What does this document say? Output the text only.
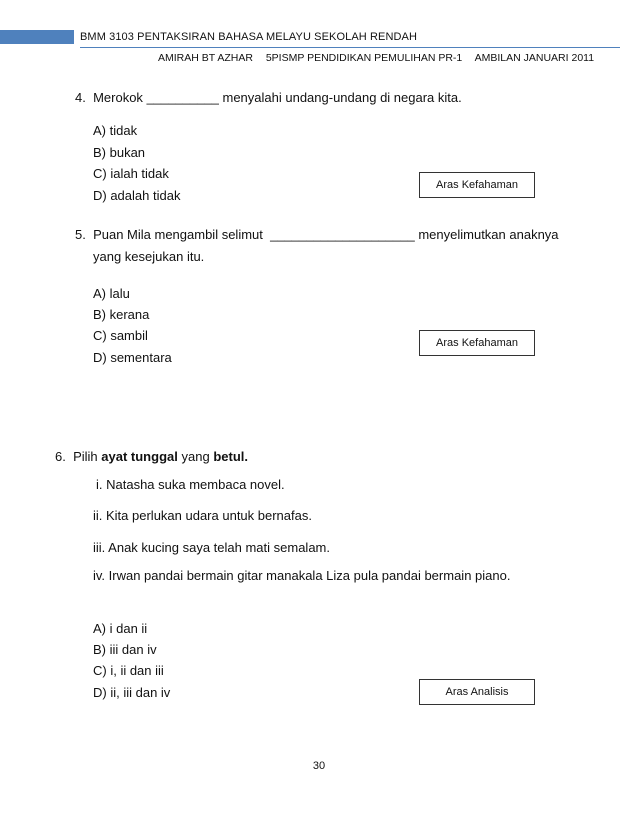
BMM 3103 PENTAKSIRAN BAHASA MELAYU SEKOLAH RENDAH
AMIRAH BT AZHAR 5PISMP PENDIDIKAN PEMULIHAN PR-1 AMBILAN JANUARI 2011
4. Merokok __________ menyalahi undang-undang di negara kita.
A) tidak
B) bukan
C) ialah tidak
D) adalah tidak
Aras Kefahaman
5. Puan Mila mengambil selimut ____________________ menyelimutkan anaknya
yang kesejukan itu.
A) lalu
B) kerana
C) sambil
D) sementara
Aras Kefahaman
6. Pilih ayat tunggal yang betul.
i. Natasha suka membaca novel.
ii. Kita perlukan udara untuk bernafas.
iii. Anak kucing saya telah mati semalam.
iv. Irwan pandai bermain gitar manakala Liza pula pandai bermain piano.
A) i dan ii
B) iii dan iv
C) i, ii dan iii
D) ii, iii dan iv	Aras Analisis
30
